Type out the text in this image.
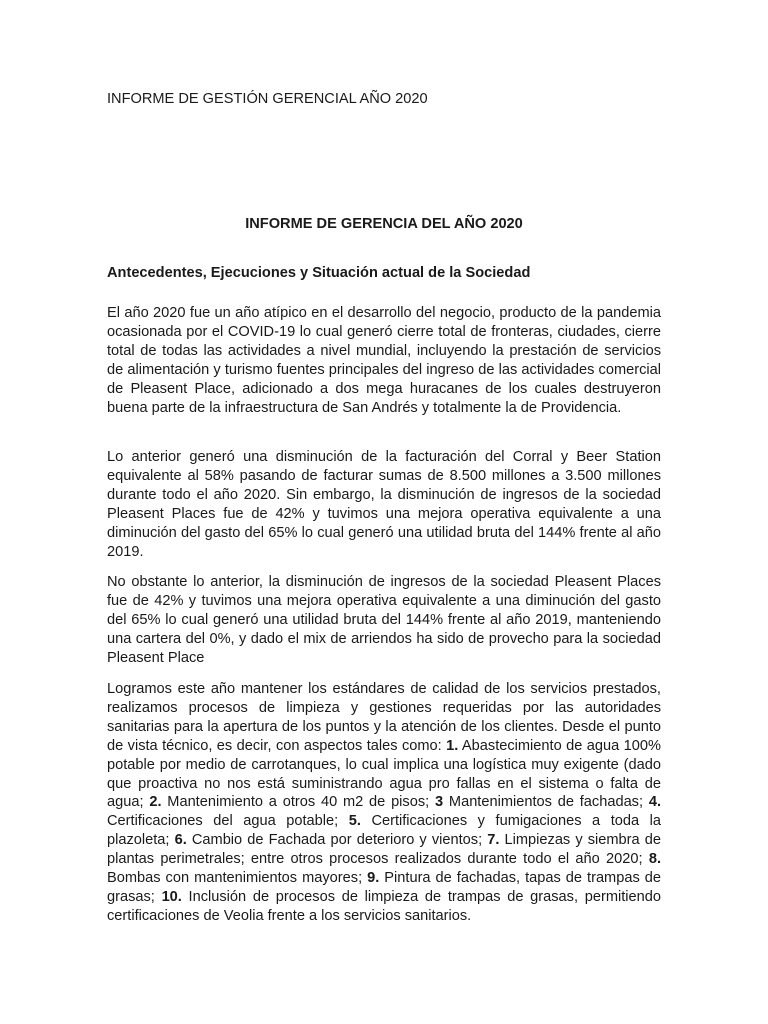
INFORME DE GESTIÓN GERENCIAL AÑO 2020
INFORME DE GERENCIA DEL AÑO 2020
Antecedentes, Ejecuciones y Situación actual de la Sociedad

El año 2020 fue un año atípico en el desarrollo del negocio, producto de la pandemia ocasionada por el COVID-19 lo cual generó cierre total de fronteras, ciudades, cierre total de todas las actividades a nivel mundial, incluyendo la prestación de servicios de alimentación y turismo fuentes principales del ingreso de las actividades comercial de Pleasent Place, adicionado a dos mega huracanes de los cuales destruyeron buena parte de la infraestructura de San Andrés y totalmente la de Providencia.

Lo anterior generó una disminución de la facturación del Corral y Beer Station equivalente al 58% pasando de facturar sumas de 8.500 millones a 3.500 millones durante todo el año 2020. Sin embargo, la disminución de ingresos de la sociedad Pleasent Places fue de 42% y tuvimos una mejora operativa equivalente a una diminución del gasto del 65% lo cual generó una utilidad bruta del 144% frente al año 2019.

No obstante lo anterior, la disminución de ingresos de la sociedad Pleasent Places fue de 42% y tuvimos una mejora operativa equivalente a una diminución del gasto del 65% lo cual generó una utilidad bruta del 144% frente al año 2019, manteniendo una cartera del 0%, y dado el mix de arriendos ha sido de provecho para la sociedad Pleasent Place

Logramos este año mantener los estándares de calidad de los servicios prestados, realizamos procesos de limpieza y gestiones requeridas por las autoridades sanitarias para la apertura de los puntos y la atención de los clientes. Desde el punto de vista técnico, es decir, con aspectos tales como: 1. Abastecimiento de agua 100% potable por medio de carrotanques, lo cual implica una logística muy exigente (dado que proactiva no nos está suministrando agua pro fallas en el sistema o falta de agua; 2. Mantenimiento a otros 40 m2 de pisos; 3 Mantenimientos de fachadas; 4. Certificaciones del agua potable; 5. Certificaciones y fumigaciones a toda la plazoleta; 6. Cambio de Fachada por deterioro y vientos; 7. Limpiezas y siembra de plantas perimetrales; entre otros procesos realizados durante todo el año 2020; 8. Bombas con mantenimientos mayores; 9. Pintura de fachadas, tapas de trampas de grasas; 10. Inclusión de procesos de limpieza de trampas de grasas, permitiendo certificaciones de Veolia frente a los servicios sanitarios.
